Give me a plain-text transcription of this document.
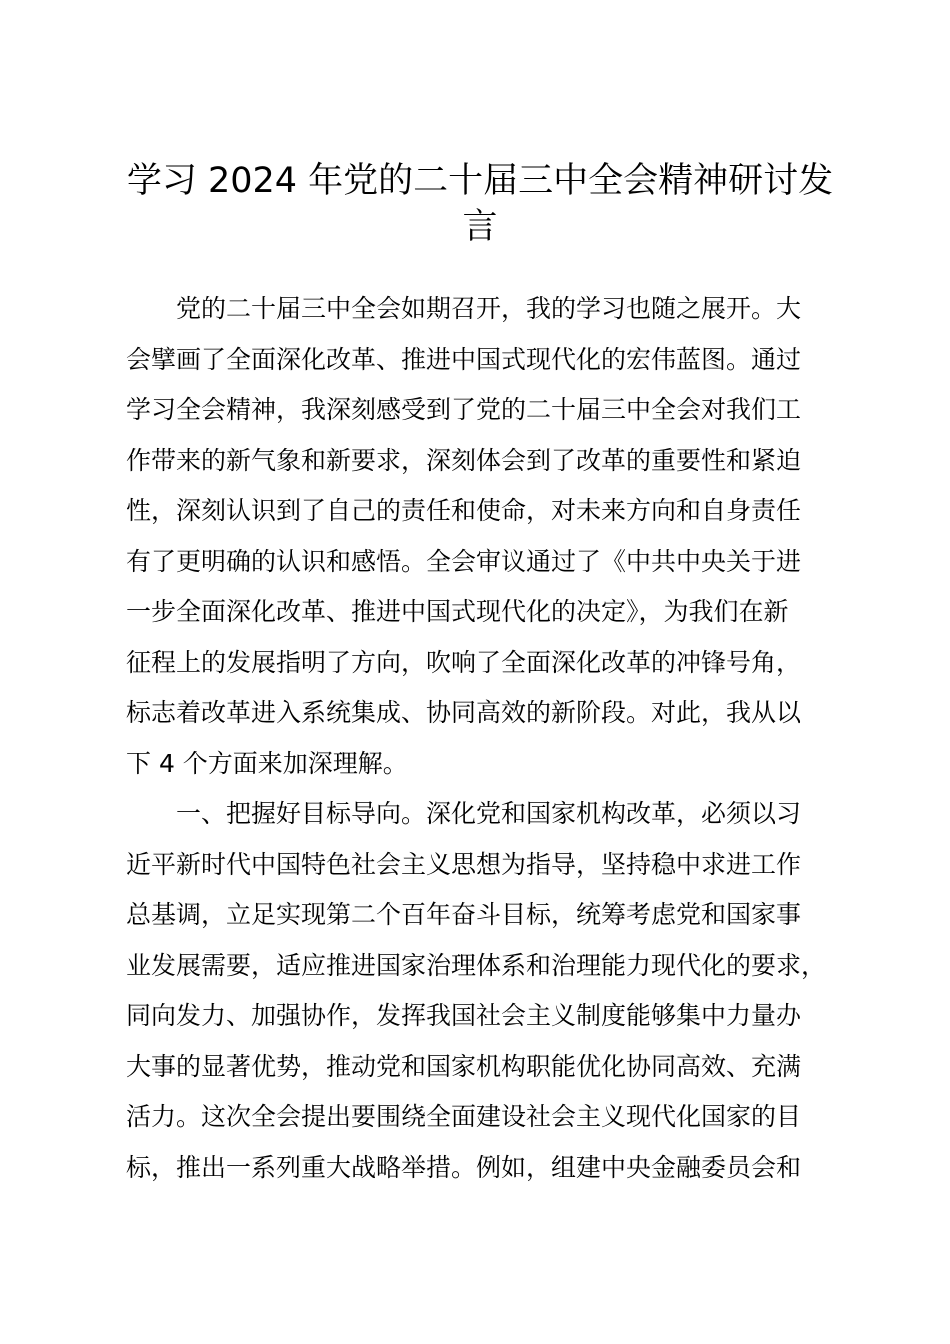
学习 2024 年党的二十届三中全会精神研讨发
言

党的二十届三中全会如期召开，我的学习也随之展开。大
会擘画了全面深化改革、推进中国式现代化的宏伟蓝图。通过
学习全会精神，我深刻感受到了党的二十届三中全会对我们工
作带来的新气象和新要求，深刻体会到了改革的重要性和紧迫
性，深刻认识到了自己的责任和使命，对未来方向和自身责任
有了更明确的认识和感悟。全会审议通过了《中共中央关于进
一步全面深化改革、推进中国式现代化的决定》，为我们在新
征程上的发展指明了方向，吹响了全面深化改革的冲锋号角，
标志着改革进入系统集成、协同高效的新阶段。对此，我从以
下 4 个方面来加深理解。

一、把握好目标导向。深化党和国家机构改革，必须以习
近平新时代中国特色社会主义思想为指导，坚持稳中求进工作
总基调，立足实现第二个百年奋斗目标，统筹考虑党和国家事
业发展需要，适应推进国家治理体系和治理能力现代化的要求，
同向发力、加强协作，发挥我国社会主义制度能够集中力量办
大事的显著优势，推动党和国家机构职能优化协同高效、充满
活力。这次全会提出要围绕全面建设社会主义现代化国家的目
标，推出一系列重大战略举措。例如，组建中央金融委员会和
